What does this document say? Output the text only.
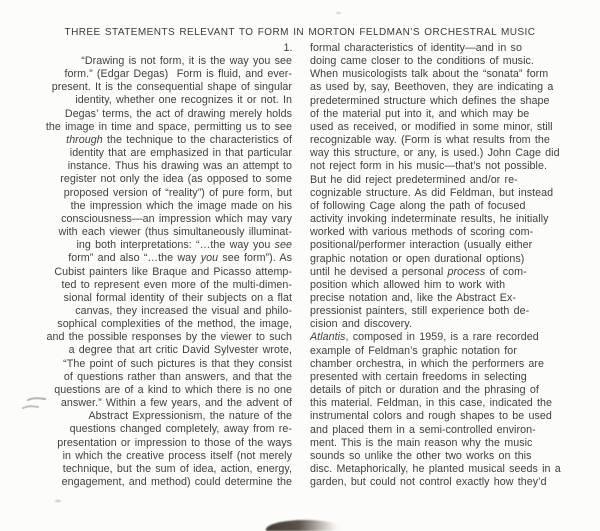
THREE STATEMENTS RELEVANT TO FORM IN MORTON FELDMAN’S ORCHESTRAL MUSIC
1.
“Drawing is not form, it is the way you see
form.” (Edgar Degas)  Form is fluid, and ever-
present. It is the consequential shape of singular
identity, whether one recognizes it or not. In
Degas’ terms, the act of drawing merely holds
the image in time and space, permitting us to see
through the technique to the characteristics of
identity that are emphasized in that particular
instance. Thus his drawing was an attempt to
register not only the idea (as opposed to some
proposed version of “reality”) of pure form, but
the impression which the image made on his
consciousness—an impression which may vary
with each viewer (thus simultaneously illuminat-
ing both interpretations: “…the way you see
form” and also “…the way you see form”). As
Cubist painters like Braque and Picasso attemp-
ted to represent even more of the multi-dimen-
sional formal identity of their subjects on a flat
canvas, they increased the visual and philo-
sophical complexities of the method, the image,
and the possible responses by the viewer to such
a degree that art critic David Sylvester wrote,
“The point of such pictures is that they consist
of questions rather than answers, and that the
questions are of a kind to which there is no one
answer.” Within a few years, and the advent of
Abstract Expressionism, the nature of the
questions changed completely, away from re-
presentation or impression to those of the ways
in which the creative process itself (not merely
technique, but the sum of idea, action, energy,
engagement, and method) could determine the
formal characteristics of identity—and in so
doing came closer to the conditions of music.
When musicologists talk about the “sonata” form
as used by, say, Beethoven, they are indicating a
predetermined structure which defines the shape
of the material put into it, and which may be
used as received, or modified in some minor, still
recognizable way. (Form is what results from the
way this structure, or any, is used.) John Cage did
not reject form in his music—that’s not possible.
But he did reject predetermined and/or re-
cognizable structure. As did Feldman, but instead
of following Cage along the path of focused
activity invoking indeterminate results, he initially
worked with various methods of scoring com-
positional/performer interaction (usually either
graphic notation or open durational options)
until he devised a personal process of com-
position which allowed him to work with
precise notation and, like the Abstract Ex-
pressionist painters, still experience both de-
cision and discovery.
Atlantis, composed in 1959, is a rare recorded
example of Feldman’s graphic notation for
chamber orchestra, in which the performers are
presented with certain freedoms in selecting
details of pitch or duration and the phrasing of
this material. Feldman, in this case, indicated the
instrumental colors and rough shapes to be used
and placed them in a semi-controlled environ-
ment. This is the main reason why the music
sounds so unlike the other two works on this
disc. Metaphorically, he planted musical seeds in a
garden, but could not control exactly how they’d
